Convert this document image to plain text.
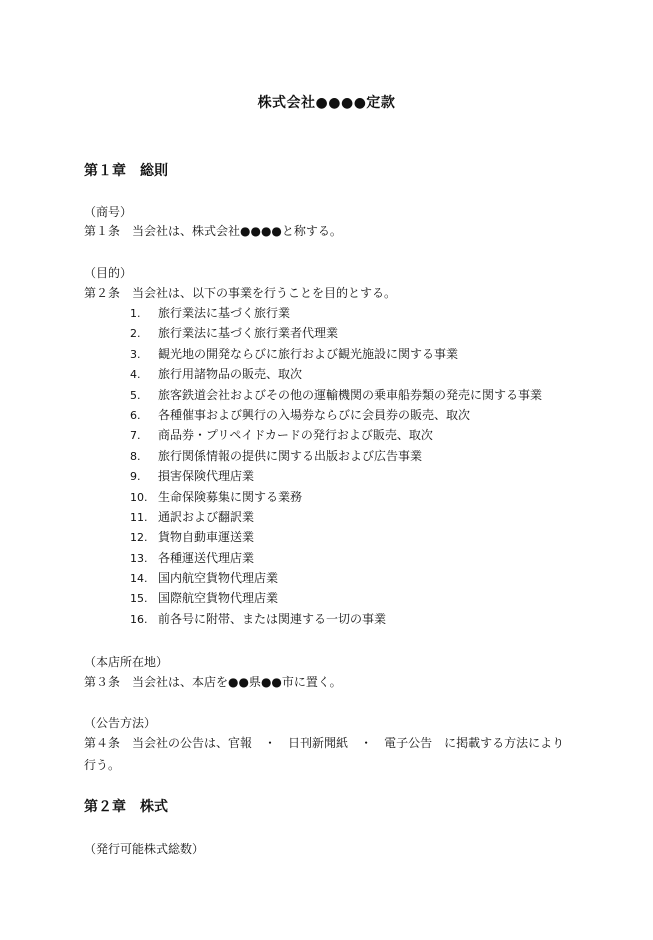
株式会社●●●●定款
第１章 総則
（商号）
第１条 当会社は、株式会社●●●●と称する。
（目的）
第２条 当会社は、以下の事業を行うことを目的とする。
1. 旅行業法に基づく旅行業
2. 旅行業法に基づく旅行業者代理業
3. 観光地の開発ならびに旅行および観光施設に関する事業
4. 旅行用諸物品の販売、取次
5. 旅客鉄道会社およびその他の運輸機関の乗車船券類の発売に関する事業
6. 各種催事および興行の入場券ならびに会員券の販売、取次
7. 商品券・プリペイドカードの発行および販売、取次
8. 旅行関係情報の提供に関する出版および広告事業
9. 損害保険代理店業
10. 生命保険募集に関する業務
11. 通訳および翻訳業
12. 貨物自動車運送業
13. 各種運送代理店業
14. 国内航空貨物代理店業
15. 国際航空貨物代理店業
16. 前各号に附帯、または関連する一切の事業
（本店所在地）
第３条 当会社は、本店を●●県●●市に置く。
（公告方法）
第４条 当会社の公告は、官報 ・ 日刊新聞紙 ・ 電子公告 に掲載する方法により
行う。
第２章 株式
（発行可能株式総数）
